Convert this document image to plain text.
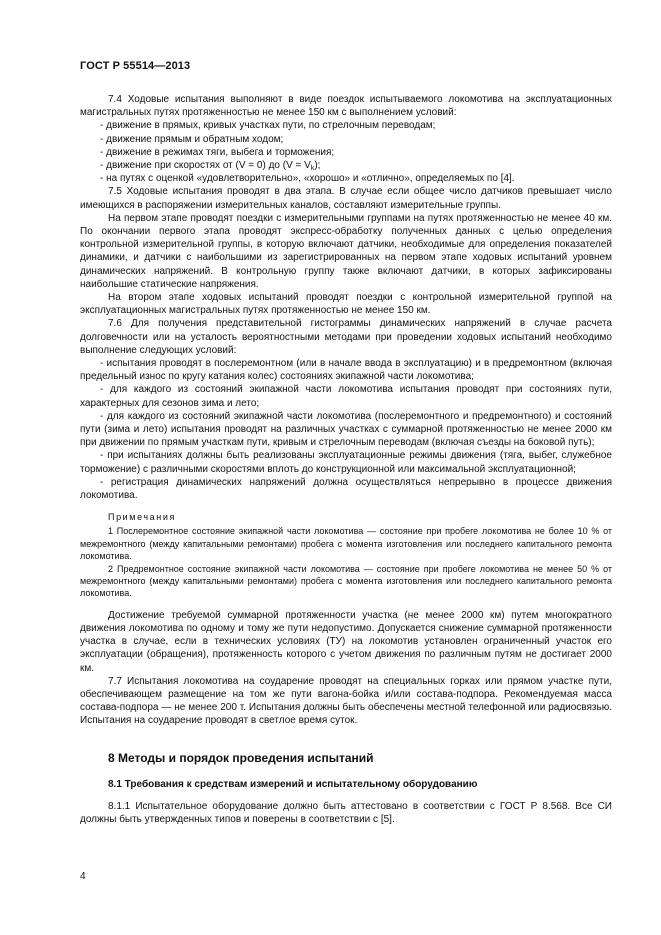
ГОСТ Р 55514—2013

7.4 Ходовые испытания выполняют в виде поездок испытываемого локомотива на эксплуатационных магистральных путях протяженностью не менее 150 км с выполнением условий:

- движение в прямых, кривых участках пути, по стрелочным переводам;

- движение прямым и обратным ходом;

- движение в режимах тяги, выбега и торможения;

- движение при скоростях от (V = 0) до $(V = V_k)$;

- на путях с оценкой «удовлетворительно», «хорошо» и «отлично», определяемых по [4].

7.5 Ходовые испытания проводят в два этапа. В случае если общее число датчиков превышает число имеющихся в распоряжении измерительных каналов, составляют измерительные группы.

На первом этапе проводят поездки с измерительными группами на путях протяженностью не менее 40 км. По окончании первого этапа проводят экспресс-обработку полученных данных с целью определения контрольной измерительной группы, в которую включают датчики, необходимые для определения показателей динамики, и датчики с наибольшими из зарегистрированных на первом этапе ходовых испытаний уровнем динамических напряжений. В контрольную группу также включают датчики, в которых зафиксированы наибольшие статические напряжения.

На втором этапе ходовых испытаний проводят поездки с контрольной измерительной группой на эксплуатационных магистральных путях протяженностью не менее 150 км.

7.6 Для получения представительной гистограммы динамических напряжений в случае расчета долговечности или на усталость вероятностными методами при проведении ходовых испытаний необходимо выполнение следующих условий:

- испытания проводят в послеремонтном (или в начале ввода в эксплуатацию) и в предремонтном (включая предельный износ по кругу катания колес) состояниях экипажной части локомотива;

- для каждого из состояний экипажной части локомотива испытания проводят при состояниях пути, характерных для сезонов зима и лето;

- для каждого из состояний экипажной части локомотива (послеремонтного и предремонтного) и состояний пути (зима и лето) испытания проводят на различных участках с суммарной протяженностью не менее 2000 км при движении по прямым участкам пути, кривым и стрелочным переводам (включая съезды на боковой путь);

- при испытаниях должны быть реализованы эксплуатационные режимы движения (тяга, выбег, служебное торможение) с различными скоростями вплоть до конструкционной или максимальной эксплуатационной;

- регистрация динамических напряжений должна осуществляться непрерывно в процессе движения локомотива.

Примечания

1 Послеремонтное состояние экипажной части локомотива — состояние при пробеге локомотива не более 10 % от межремонтного (между капитальными ремонтами) пробега с момента изготовления или последнего капитального ремонта локомотива.

2 Предремонтное состояние экипажной части локомотива — состояние при пробеге локомотива не менее 50 % от межремонтного (между капитальными ремонтами) пробега с момента изготовления или последнего капитального ремонта локомотива.

Достижение требуемой суммарной протяженности участка (не менее 2000 км) путем многократного движения локомотива по одному и тому же пути недопустимо. Допускается снижение суммарной протяженности участка в случае, если в технических условиях (ТУ) на локомотив установлен ограниченный участок его эксплуатации (обращения), протяженность которого с учетом движения по различным путям не достигает 2000 км.

7.7 Испытания локомотива на соударение проводят на специальных горках или прямом участке пути, обеспечивающем размещение на том же пути вагона-бойка и/или состава-подпора. Рекомендуемая масса состава-подпора — не менее 200 т. Испытания должны быть обеспечены местной телефонной или радиосвязью. Испытания на соударение проводят в светлое время суток.

8 Методы и порядок проведения испытаний
8.1 Требования к средствам измерений и испытательному оборудованию

8.1.1 Испытательное оборудование должно быть аттестовано в соответствии с ГОСТ Р 8.568. Все СИ должны быть утвержденных типов и поверены в соответствии с [5].

4
